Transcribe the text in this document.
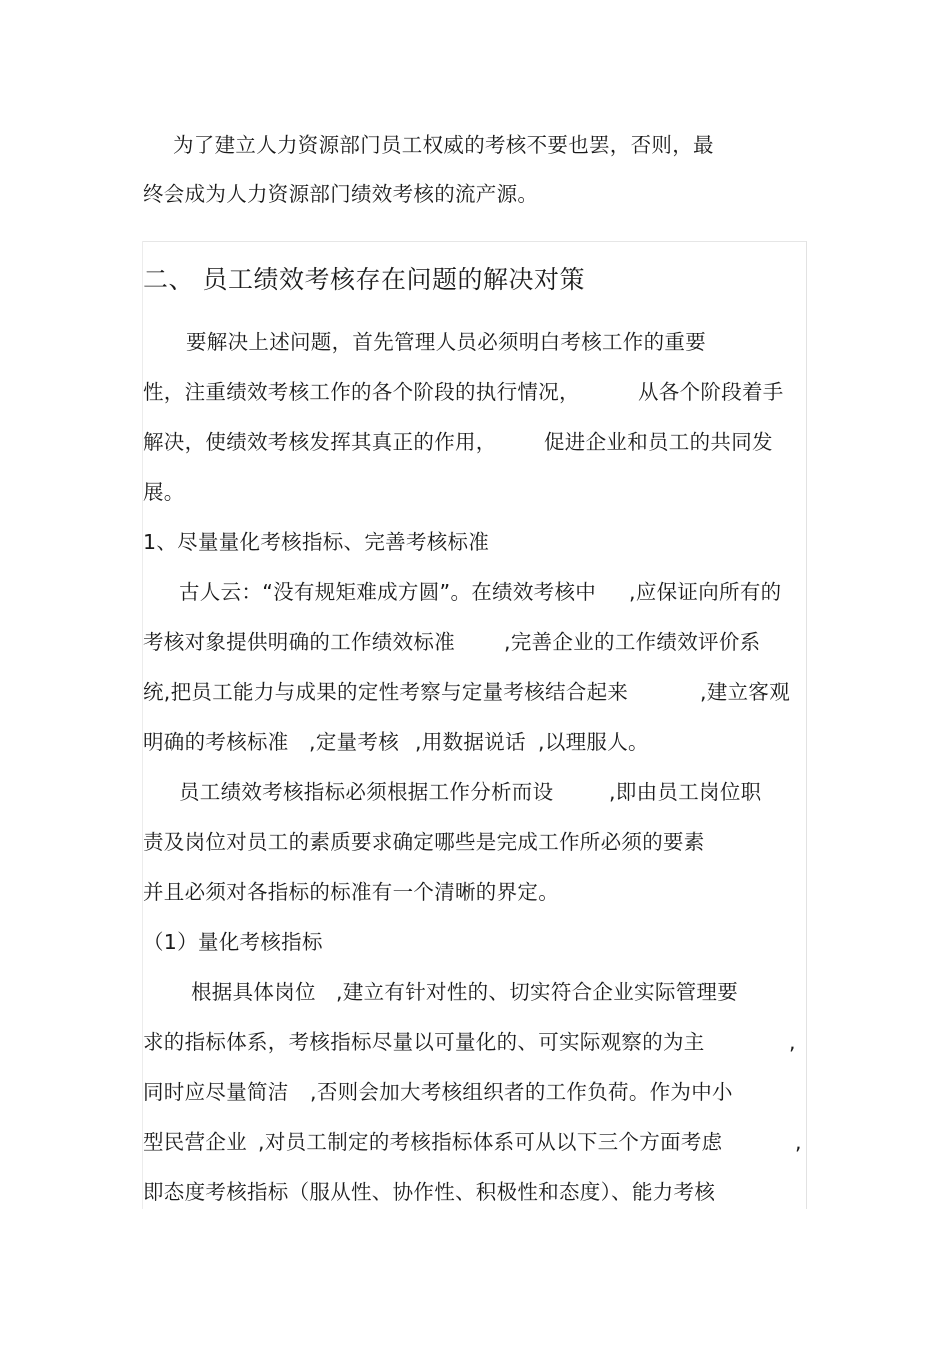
为了建立人力资源部门员工权威的考核不要也罢，否则，最
终会成为人力资源部门绩效考核的流产源。
二、 员工绩效考核存在问题的解决对策
要解决上述问题，首先管理人员必须明白考核工作的重要
性，注重绩效考核工作的各个阶段的执行情况，	从各个阶段着手
解决，使绩效考核发挥其真正的作用， 促进企业和员工的共同发
展。
1、尽量量化考核指标、完善考核标准
古人云：“没有规矩难成方圆”。在绩效考核中 ,应保证向所有的
考核对象提供明确的工作绩效标准 ,完善企业的工作绩效评价系
统,把员工能力与成果的定性考察与定量考核结合起来	,建立客观
明确的考核标准 ,定量考核 ,用数据说话 ,以理服人。
员工绩效考核指标必须根据工作分析而设	,即由员工岗位职
责及岗位对员工的素质要求确定哪些是完成工作所必须的要素
并且必须对各指标的标准有一个清晰的界定。
（1）量化考核指标
根据具体岗位 ,建立有针对性的、切实符合企业实际管理要
求的指标体系，考核指标尽量以可量化的、可实际观察的为主	,
同时应尽量简洁 ,否则会加大考核组织者的工作负荷。作为中小
型民营企业 ,对员工制定的考核指标体系可从以下三个方面考虑	,
即态度考核指标（服从性、协作性、积极性和态度）、能力考核
